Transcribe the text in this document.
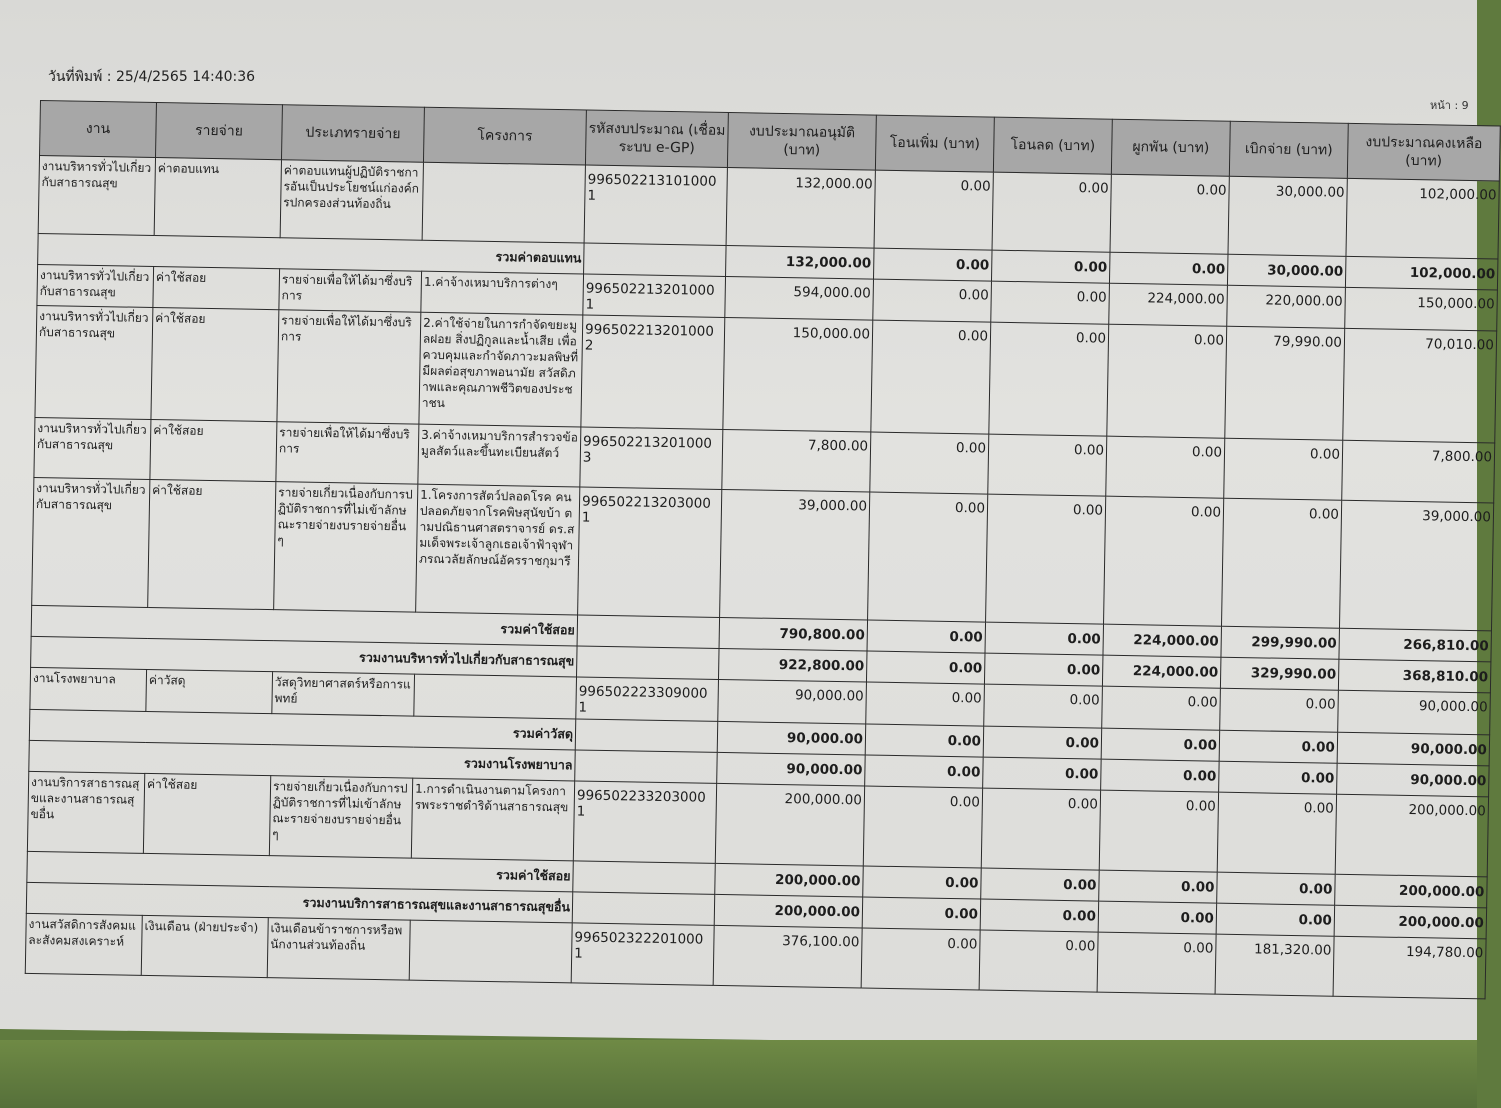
วันที่พิมพ์ : 25/4/2565 14:40:36
หน้า : 9
งาน	รายจ่าย	ประเภทรายจ่าย	โครงการ	รหัสงบประมาณ (เชื่อมระบบ e-GP)	งบประมาณอนุมัติ (บาท)	โอนเพิ่ม (บาท)	โอนลด (บาท)	ผูกพัน (บาท)	เบิกจ่าย (บาท)	งบประมาณคงเหลือ (บาท)
งานบริหารทั่วไปเกี่ยวกับสาธารณสุข	ค่าตอบแทน	ค่าตอบแทนผู้ปฏิบัติราชการอันเป็นประโยชน์แก่องค์กรปกครองส่วนท้องถิ่น		9965022131010001	132,000.00	0.00	0.00	0.00	30,000.00	102,000.00
รวมค่าตอบแทน					132,000.00	0.00	0.00	0.00	30,000.00	102,000.00
งานบริหารทั่วไปเกี่ยวกับสาธารณสุข	ค่าใช้สอย	รายจ่ายเพื่อให้ได้มาซึ่งบริการ	1.ค่าจ้างเหมาบริการต่างๆ	9965022132010001	594,000.00	0.00	0.00	224,000.00	220,000.00	150,000.00
งานบริหารทั่วไปเกี่ยวกับสาธารณสุข	ค่าใช้สอย	รายจ่ายเพื่อให้ได้มาซึ่งบริการ	2.ค่าใช้จ่ายในการกำจัดขยะมูลฝอย สิ่งปฏิกูลและน้ำเสีย เพื่อควบคุมและกำจัดภาวะมลพิษที่มีผลต่อสุขภาพอนามัย สวัสดิภาพและคุณภาพชีวิตของประชาชน	9965022132010002	150,000.00	0.00	0.00	0.00	79,990.00	70,010.00
งานบริหารทั่วไปเกี่ยวกับสาธารณสุข	ค่าใช้สอย	รายจ่ายเพื่อให้ได้มาซึ่งบริการ	3.ค่าจ้างเหมาบริการสำรวจข้อมูลสัตว์และขึ้นทะเบียนสัตว์	9965022132010003	7,800.00	0.00	0.00	0.00	0.00	7,800.00
งานบริหารทั่วไปเกี่ยวกับสาธารณสุข	ค่าใช้สอย	รายจ่ายเกี่ยวเนื่องกับการปฏิบัติราชการที่ไม่เข้าลักษณะรายจ่ายงบรายจ่ายอื่น ๆ	1.โครงการสัตว์ปลอดโรค คนปลอดภัยจากโรคพิษสุนัขบ้า ตามปณิธานศาสตราจารย์ ดร.สมเด็จพระเจ้าลูกเธอเจ้าฟ้าจุฬาภรณวลัยลักษณ์อัครราชกุมารี	9965022132030001	39,000.00	0.00	0.00	0.00	0.00	39,000.00
รวมค่าใช้สอย					790,800.00	0.00	0.00	224,000.00	299,990.00	266,810.00
รวมงานบริหารทั่วไปเกี่ยวกับสาธารณสุข					922,800.00	0.00	0.00	224,000.00	329,990.00	368,810.00
งานโรงพยาบาล	ค่าวัสดุ	วัสดุวิทยาศาสตร์หรือการแพทย์		9965022233090001	90,000.00	0.00	0.00	0.00	0.00	90,000.00
รวมค่าวัสดุ					90,000.00	0.00	0.00	0.00	0.00	90,000.00
รวมงานโรงพยาบาล					90,000.00	0.00	0.00	0.00	0.00	90,000.00
งานบริการสาธารณสุขและงานสาธารณสุขอื่น	ค่าใช้สอย	รายจ่ายเกี่ยวเนื่องกับการปฏิบัติราชการที่ไม่เข้าลักษณะรายจ่ายงบรายจ่ายอื่น ๆ	1.การดำเนินงานตามโครงการพระราชดำริด้านสาธารณสุข	9965022332030001	200,000.00	0.00	0.00	0.00	0.00	200,000.00
รวมค่าใช้สอย					200,000.00	0.00	0.00	0.00	0.00	200,000.00
รวมงานบริการสาธารณสุขและงานสาธารณสุขอื่น					200,000.00	0.00	0.00	0.00	0.00	200,000.00
งานสวัสดิการสังคมและสังคมสงเคราะห์	เงินเดือน (ฝ่ายประจำ)	เงินเดือนข้าราชการหรือพนักงานส่วนท้องถิ่น		9965023222010001	376,100.00	0.00	0.00	0.00	181,320.00	194,780.00
